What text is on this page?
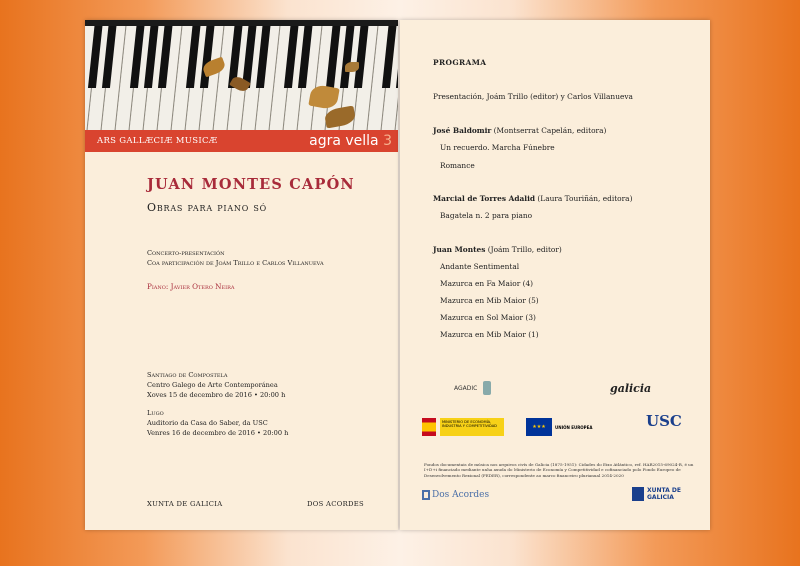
ARS GALLÆCIÆ MUSICÆ	agra vella 3
JUAN MONTES CAPÓN
Obras para piano só
Concerto-presentación
Coa participación de Joám Trillo e Carlos Villanueva
Piano: Javier Otero Neira
Santiago de Compostela
Centro Galego de Arte Contemporánea
Xoves 15 de decembro de 2016 • 20:00 h
Lugo
Auditorio da Casa do Saber, da USC
Venres 16 de decembro de 2016 • 20:00 h
XUNTA DE GALICIA	DOS ACORDES
PROGRAMA
Presentación, Joám Trillo (editor) y Carlos Villanueva
José Baldomir (Montserrat Capelán, editora)
Un recuerdo. Marcha Fúnebre
Romance
Marcial de Torres Adalid (Laura Touriñán, editora)
Bagatela n. 2 para piano
Juan Montes (Joám Trillo, editor)
Andante Sentimental
Mazurca en Fa Maior (4)
Mazurca en Mib Maior (5)
Mazurca en Sol Maior (3)
Mazurca en Mib Maior (1)
AGADIC	galicia
MINISTERIO DE ECONOMÍA, INDUSTRIA Y COMPETITIVIDAD	★★★	UNIÓN EUROPEA	USC
Fondos documentais de música nos arquivos civís de Galicia (1875-1951): Cidades do Eixo Atlántico, ref. HAR2015-69024-R, é un I+D+i financiado mediante unha axuda do Ministerio de Economía y Competitividad e cofinanciado polo Fondo Europeo de Desenvolvemento Rexional (FEDER), correspondente ao marco financeiro plurianual 2014-2020
Dos Acordes	XUNTA DE GALICIA
